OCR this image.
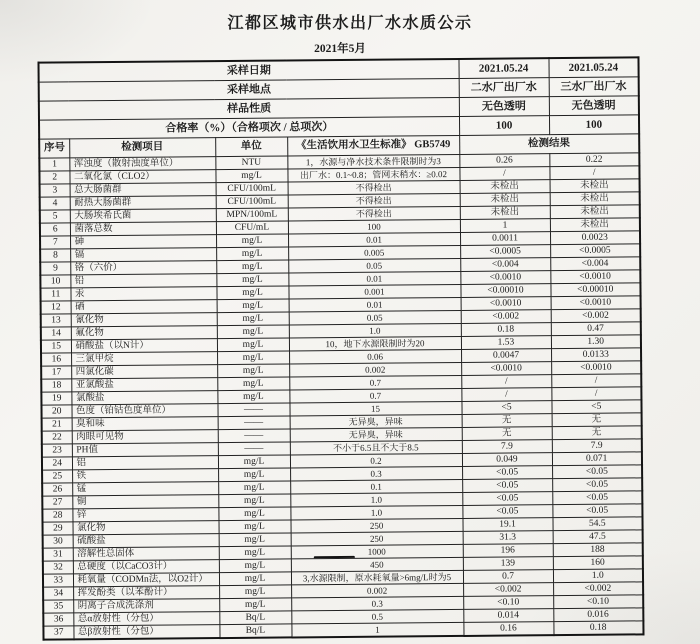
江都区城市供水出厂水水质公示
2021年5月
采样日期				2021.05.24	2021.05.24
采样地点				二水厂出厂水	三水厂出厂水
样品性质				无色透明	无色透明
合格率（%）（合格项次 / 总项次）				100	100
序号	检测项目	单位	《生活饮用水卫生标准》 GB5749	检测结果	
1	浑浊度（散射浊度单位）	NTU	1，水源与净水技术条件限制时为3	0.26	0.22
2	二氧化氯（CLO2）	mg/L	出厂水：0.1~0.8；管网末稍水：≥0.02	/	/
3	总大肠菌群	CFU/100mL	不得检出	未检出	未检出
4	耐热大肠菌群	CFU/100mL	不得检出	未检出	未检出
5	大肠埃希氏菌	MPN/100mL	不得检出	未检出	未检出
6	菌落总数	CFU/mL	100	1	未检出
7	砷	mg/L	0.01	0.0011	0.0023
8	镉	mg/L	0.005	<0.0005	<0.0005
9	铬（六价）	mg/L	0.05	<0.004	<0.004
10	铅	mg/L	0.01	<0.0010	<0.0010
11	汞	mg/L	0.001	<0.00010	<0.00010
12	硒	mg/L	0.01	<0.0010	<0.0010
13	氰化物	mg/L	0.05	<0.002	<0.002
14	氟化物	mg/L	1.0	0.18	0.47
15	硝酸盐（以N计）	mg/L	10，地下水源限制时为20	1.53	1.30
16	三氯甲烷	mg/L	0.06	0.0047	0.0133
17	四氯化碳	mg/L	0.002	<0.0010	<0.0010
18	亚氯酸盐	mg/L	0.7	/	/
19	氯酸盐	mg/L	0.7	/	/
20	色度（铂钴色度单位）	——	15	<5	<5
21	臭和味	——	无异臭，异味	无	无
22	肉眼可见物	——	无异臭，异味	无	无
23	PH值	——	不小于6.5且不大于8.5	7.9	7.9
24	铝	mg/L	0.2	0.049	0.071
25	铁	mg/L	0.3	<0.05	<0.05
26	锰	mg/L	0.1	<0.05	<0.05
27	铜	mg/L	1.0	<0.05	<0.05
28	锌	mg/L	1.0	<0.05	<0.05
29	氯化物	mg/L	250	19.1	54.5
30	硫酸盐	mg/L	250	31.3	47.5
31	溶解性总固体	mg/L	1000	196	188
32	总硬度（以CaCO3计）	mg/L	450	139	160
33	耗氧量（CODMn法，以O2计）	mg/L	3,水源限制，原水耗氧量>6mg/L时为5	0.7	1.0
34	挥发酚类（以苯酚计）	mg/L	0.002	<0.002	<0.002
35	阴离子合成洗涤剂	mg/L	0.3	<0.10	<0.10
36	总α放射性（分包）	Bq/L	0.5	0.014	0.016
37	总β放射性（分包）	Bq/L	1	0.16	0.18
